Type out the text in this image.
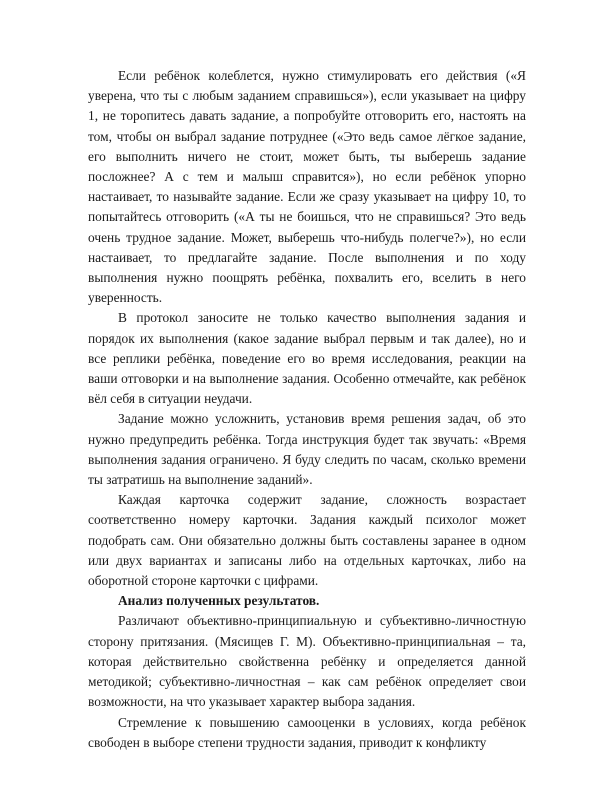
Если ребёнок колеблется, нужно стимулировать его действия («Я уверена, что ты с любым заданием справишься»), если указывает на цифру 1, не торопитесь давать задание, а попробуйте отговорить его, настоять на том, чтобы он выбрал задание потруднее («Это ведь самое лёгкое задание, его выполнить ничего не стоит, может быть, ты выберешь задание посложнее? А с тем и малыш справится»), но если ребёнок упорно настаивает, то называйте задание. Если же сразу указывает на цифру 10, то попытайтесь отговорить («А ты не боишься, что не справишься? Это ведь очень трудное задание. Может, выберешь что-нибудь полегче?»), но если настаивает, то предлагайте задание. После выполнения и по ходу выполнения нужно поощрять ребёнка, похвалить его, вселить в него уверенность.

В протокол заносите не только качество выполнения задания и порядок их выполнения (какое задание выбрал первым и так далее), но и все реплики ребёнка, поведение его во время исследования, реакции на ваши отговорки и на выполнение задания. Особенно отмечайте, как ребёнок вёл себя в ситуации неудачи.

Задание можно усложнить, установив время решения задач, об это нужно предупредить ребёнка. Тогда инструкция будет так звучать: «Время выполнения задания ограничено. Я буду следить по часам, сколько времени ты затратишь на выполнение заданий».

Каждая карточка содержит задание, сложность возрастает соответственно номеру карточки. Задания каждый психолог может подобрать сам. Они обязательно должны быть составлены заранее в одном или двух вариантах и записаны либо на отдельных карточках, либо на оборотной стороне карточки с цифрами.

Анализ полученных результатов.

Различают объективно-принципиальную и субъективно-личностную сторону притязания. (Мясищев Г. М). Объективно-принципиальная – та, которая действительно свойственна ребёнку и определяется данной методикой; субъективно-личностная – как сам ребёнок определяет свои возможности, на что указывает характер выбора задания.

Стремление к повышению самооценки в условиях, когда ребёнок свободен в выборе степени трудности задания, приводит к конфликту
